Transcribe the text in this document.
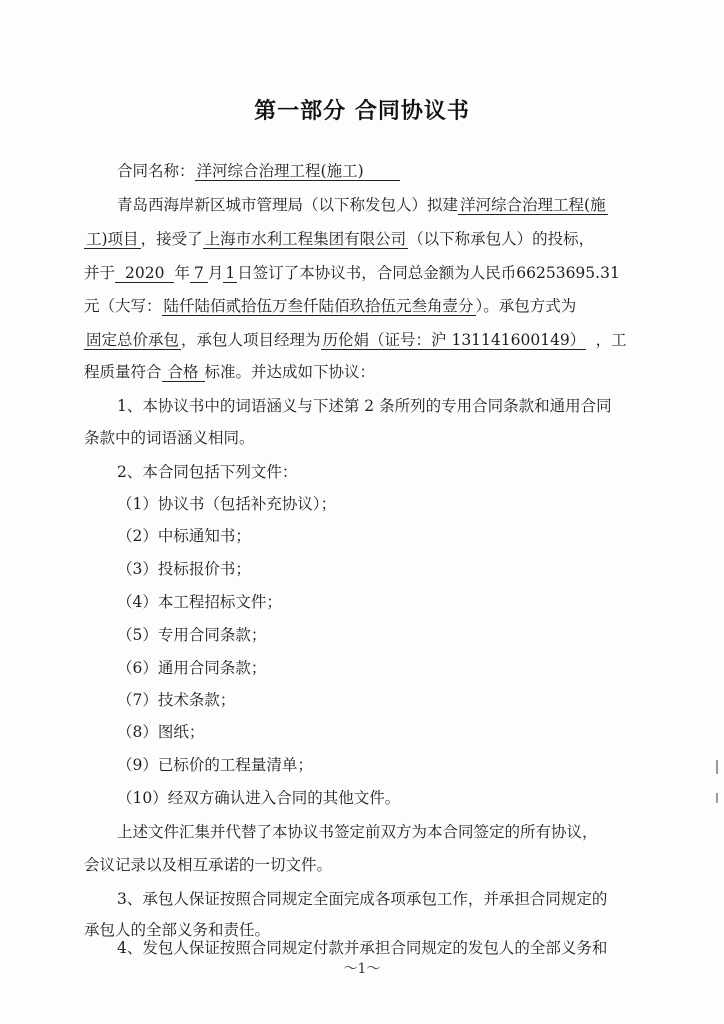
第一部分 合同协议书
合同名称： 洋河综合治理工程(施工)
青岛西海岸新区城市管理局（以下称发包人）拟建 洋河综合治理工程(施
工)项目 ，接受了 上海市水利工程集团有限公司 （以下称承包人）的投标，
并于 2020 年 7 月 1 日签订了本协议书，合同总金额为人民币66253695.31
元（大写： 陆仟陆佰贰拾伍万叁仟陆佰玖拾伍元叁角壹分 ）。承包方式为
固定总价承包 ，承包人项目经理为 历伦娟（证号：沪 131141600149） ，工
程质量符合 合格 标准。并达成如下协议：
1、本协议书中的词语涵义与下述第 2 条所列的专用合同条款和通用合同
条款中的词语涵义相同。
2、本合同包括下列文件：
（1）协议书（包括补充协议）；
（2）中标通知书；
（3）投标报价书；
（4）本工程招标文件；
（5）专用合同条款；
（6）通用合同条款；
（7）技术条款；
（8）图纸；
（9）已标价的工程量清单；
（10）经双方确认进入合同的其他文件。
上述文件汇集并代替了本协议书签定前双方为本合同签定的所有协议，
会议记录以及相互承诺的一切文件。
3、承包人保证按照合同规定全面完成各项承包工作，并承担合同规定的
承包人的全部义务和责任。
4、发包人保证按照合同规定付款并承担合同规定的发包人的全部义务和
～1～
